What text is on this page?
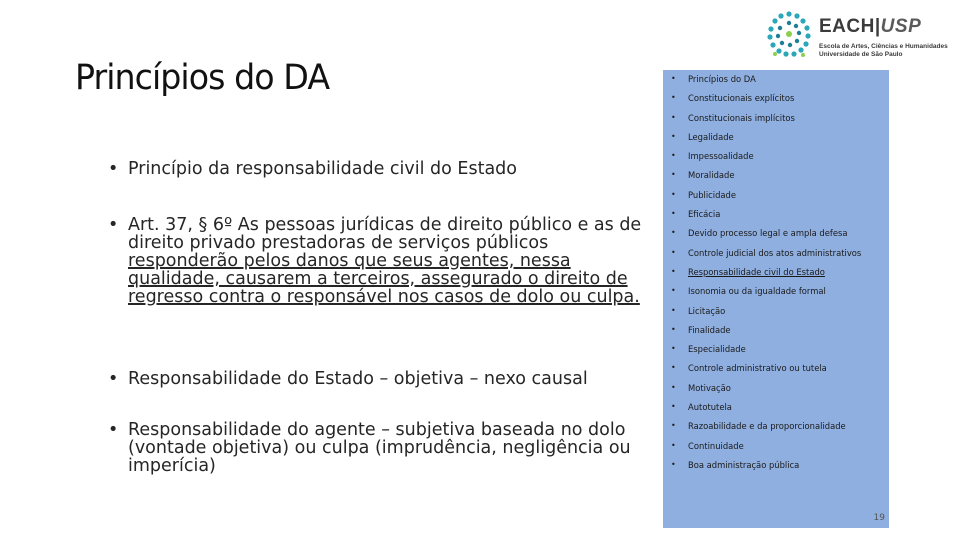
Princípios do DA
EACH|USP
Escola de Artes, Ciências e Humanidades Universidade de São Paulo
• Princípio da responsabilidade civil do Estado
• Art. 37, § 6º As pessoas jurídicas de direito público e as de direito privado prestadoras de serviços públicos responderão pelos danos que seus agentes, nessa qualidade, causarem a terceiros, assegurado o direito de regresso contra o responsável nos casos de dolo ou culpa.
• Responsabilidade do Estado – objetiva – nexo causal
• Responsabilidade do agente – subjetiva baseada no dolo (vontade objetiva) ou culpa (imprudência, negligência ou imperícia)
• Princípios do DA
• Constitucionais explícitos
• Constitucionais implícitos
• Legalidade
• Impessoalidade
• Moralidade
• Publicidade
• Eficácia
• Devido processo legal e ampla defesa
• Controle judicial dos atos administrativos
• Responsabilidade civil do Estado
• Isonomia ou da igualdade formal
• Licitação
• Finalidade
• Especialidade
• Controle administrativo ou tutela
• Motivação
• Autotutela
• Razoabilidade e da proporcionalidade
• Continuidade
• Boa administração pública
19
